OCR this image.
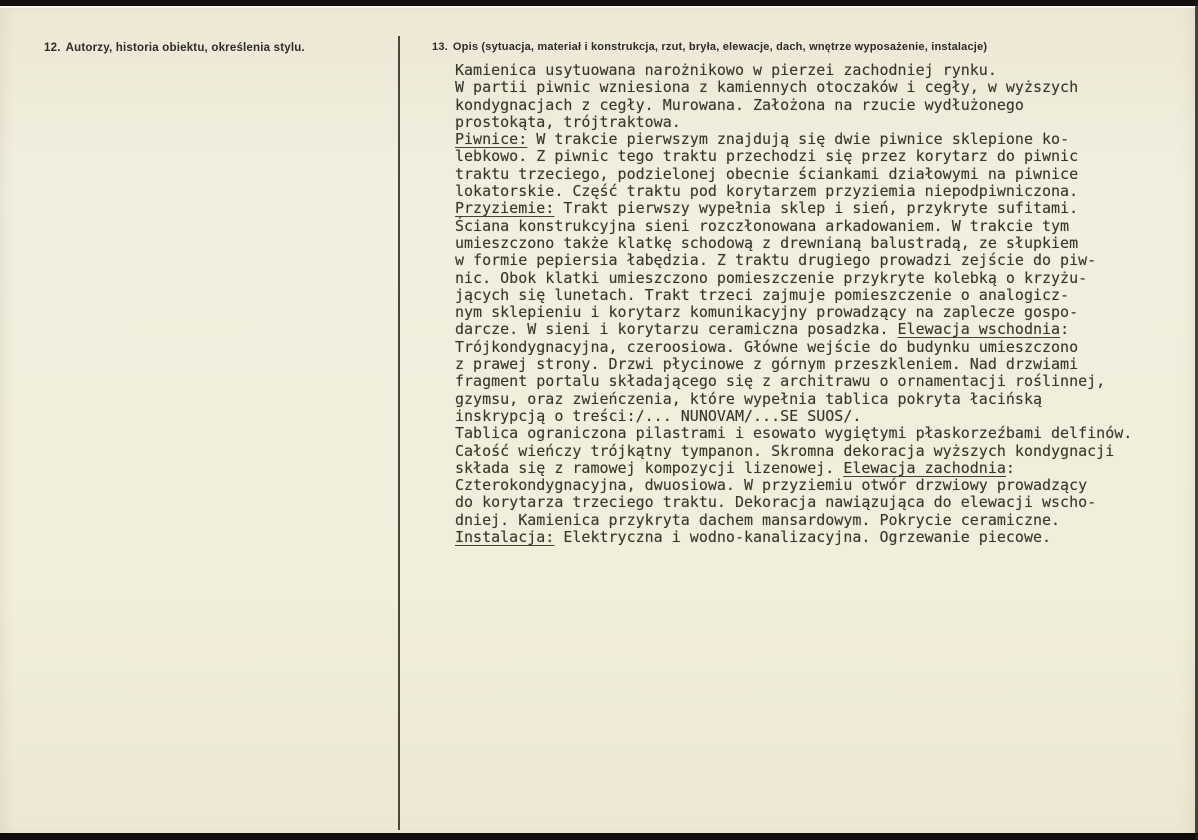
12. Autorzy, historia obiektu, określenia stylu.	13. Opis (sytuacja, materiał i konstrukcja, rzut, bryła, elewacje, dach, wnętrze wyposażenie, instalacje)
Kamienica usytuowana narożnikowo w pierzei zachodniej rynku.
W partii piwnic wzniesiona z kamiennych otoczaków i cegły, w wyższych
kondygnacjach z cegły. Murowana. Założona na rzucie wydłużonego
prostokąta, trójtraktowa.
Piwnice: W trakcie pierwszym znajdują się dwie piwnice sklepione ko-
lebkowo. Z piwnic tego traktu przechodzi się przez korytarz do piwnic
traktu trzeciego, podzielonej obecnie ściankami działowymi na piwnice
lokatorskie. Część traktu pod korytarzem przyziemia niepodpiwniczona.
Przyziemie: Trakt pierwszy wypełnia sklep i sień, przykryte sufitami.
Ściana konstrukcyjna sieni rozczłonowana arkadowaniem. W trakcie tym
umieszczono także klatkę schodową z drewnianą balustradą, ze słupkiem
w formie pepiersia łabędzia. Z traktu drugiego prowadzi zejście do piw-
nic. Obok klatki umieszczono pomieszczenie przykryte kolebką o krzyżu-
jących się lunetach. Trakt trzeci zajmuje pomieszczenie o analogicz-
nym sklepieniu i korytarz komunikacyjny prowadzący na zaplecze gospo-
darcze. W sieni i korytarzu ceramiczna posadzka. Elewacja wschodnia:
Trójkondygnacyjna, czeroosiowa. Główne wejście do budynku umieszczono
z prawej strony. Drzwi płycinowe z górnym przeszkleniem. Nad drzwiami
fragment portalu składającego się z architrawu o ornamentacji roślinnej,
gzymsu, oraz zwieńczenia, które wypełnia tablica pokryta łacińską
inskrypcją o treści:/... NUNOVAM/...SE SUOS/.
Tablica ograniczona pilastrami i esowato wygiętymi płaskorzeźbami delfinów.
Całość wieńczy trójkątny tympanon. Skromna dekoracja wyższych kondygnacji
składa się z ramowej kompozycji lizenowej. Elewacja zachodnia:
Czterokondygnacyjna, dwuosiowa. W przyziemiu otwór drzwiowy prowadzący
do korytarza trzeciego traktu. Dekoracja nawiązująca do elewacji wscho-
dniej. Kamienica przykryta dachem mansardowym. Pokrycie ceramiczne.
Instalacja: Elektryczna i wodno-kanalizacyjna. Ogrzewanie piecowe.
